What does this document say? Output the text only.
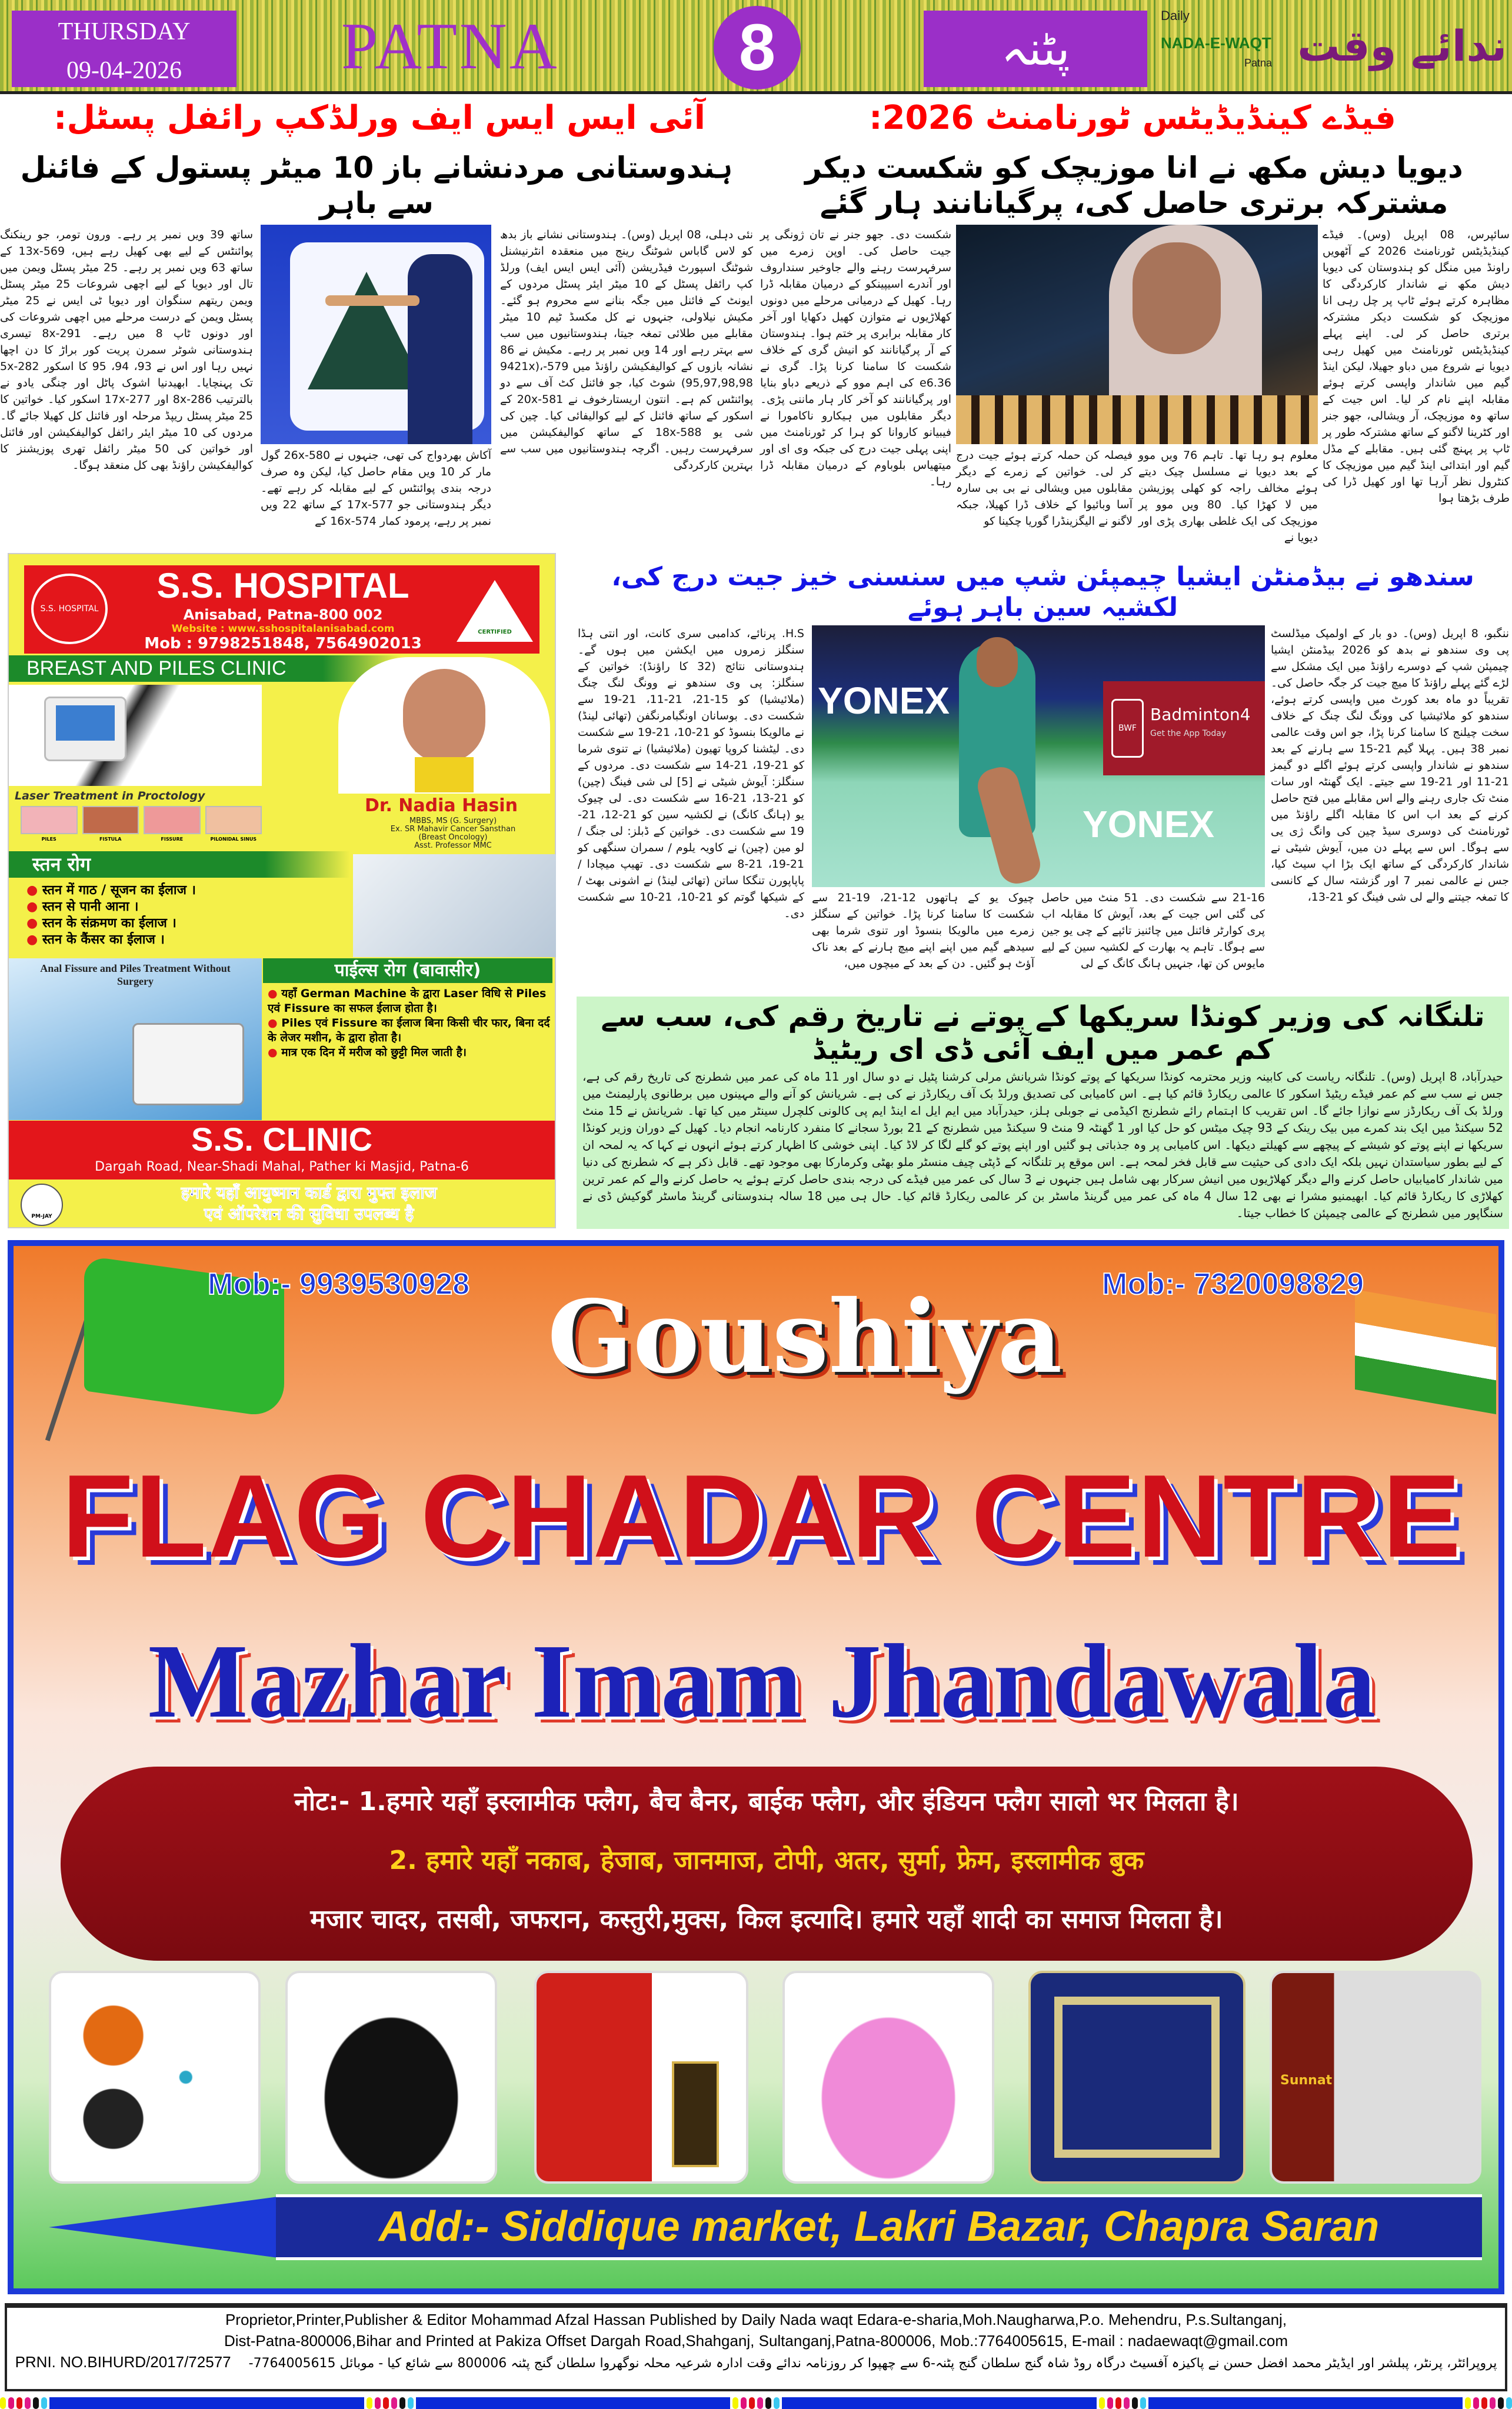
THURSDAY
09-04-2026	PATNA	8	پٹنہ
Daily
NADA-E-WAQT
Patna ندائے وقت
آئی ایس ایس ایف ورلڈکپ رائفل پسٹل:	فیڈے کینڈیڈیٹس ٹورنامنٹ 2026:
ہندوستانی مردنشانے باز 10 میٹر پستول کے فائنل سے باہر
نئی دہلی، 08 اپریل (وس)۔ ہندوستانی نشانے باز بدھ کو لاس گاباس شوٹنگ رینج میں منعقدہ انٹرنیشنل شوٹنگ اسپورٹ فیڈریشن (آئی ایس ایس ایف) ورلڈ کپ رائفل پسٹل کے 10 میٹر ایئر پسٹل مردوں کے ایونٹ کے فائنل میں جگہ بنانے سے محروم ہو گئے۔ مکیش نیلاولی، جنہوں نے کل مکسڈ ٹیم 10 میٹر مقابلے میں طلائی تمغہ جیتا، ہندوستانیوں میں سب سے بہتر رہے اور 14 ویں نمبر پر رہے۔ مکیش نے 86 نشانہ بازوں کے کوالیفکیشن راؤنڈ میں 579-9421x)، (95,97,98,98 شوٹ کیا، جو فائنل کٹ آف سے دو پوائنٹس کم ہے۔ انتون اریستارخوف نے 581-20x کے اسکور کے ساتھ فائنل کے لیے کوالیفائی کیا۔ چین کی شی یو 588-18x کے ساتھ کوالیفکیشن میں سرفہرست رہیں۔ اگرچہ ہندوستانیوں میں سب سے بہترین کارکردگی
آکاش بھردواج کی تھی، جنہوں نے 580-26x گول مار کر 10 ویں مقام حاصل کیا، لیکن وہ صرف درجہ بندی پوائنٹس کے لیے مقابلہ کر رہے تھے۔ دیگر ہندوستانی جو 577-17x کے ساتھ 22 ویں نمبر پر رہے، پرمود کمار 574-16x کے
ساتھ 39 ویں نمبر پر رہے۔ ورون تومر، جو رینکنگ پوائنٹس کے لیے بھی کھیل رہے ہیں، 569-13x کے ساتھ 63 ویں نمبر پر رہے۔ 25 میٹر پسٹل ویمن میں تال اور دیویا کے لیے اچھی شروعات 25 میٹر پسٹل ویمن ریتھم سنگوان اور دیویا ٹی ایس نے 25 میٹر پسٹل ویمن کے درست مرحلے میں اچھی شروعات کی اور دونوں ٹاپ 8 میں رہے۔ 291-8x تیسری ہندوستانی شوٹر سمرن پریت کور براڑ کا دن اچھا نہیں رہا اور اس نے 93، 94، 95 کا اسکور 282-5x تک پہنچایا۔ ابھیدنیا اشوک پاٹل اور چنگی یادو نے بالترتیب 286-8x اور 277-17x اسکور کیا۔ خواتین کا 25 میٹر پسٹل ریپڈ مرحلہ اور فائنل کل کھیلا جائے گا۔ مردوں کی 10 میٹر ایئر رائفل کوالیفکیشن اور فائنل اور خواتین کی 50 میٹر رائفل تھری پوزیشنز کا کوالیفکیشن راؤنڈ بھی کل منعقد ہوگا۔
دیویا دیش مکھ نے انا موزیچک کو شکست دیکر مشترکہ برتری حاصل کی، پرگیانانند ہار گئے
سائپرس، 08 اپریل (وس)۔ فیڈے کینڈیڈیٹس ٹورنامنٹ 2026 کے آٹھویں راونڈ میں منگل کو ہندوستان کی دیویا دیش مکھ نے شاندار کارکردگی کا مظاہرہ کرتے ہوئے ٹاپ پر چل رہی انا موزیچک کو شکست دیکر مشترکہ برتری حاصل کر لی۔ اپنے پہلے کینڈیڈیٹس ٹورنامنٹ میں کھیل رہی دیویا نے شروع میں دباو جھیلا، لیکن اینڈ گیم میں شاندار واپسی کرتے ہوئے مقابلہ اپنے نام کر لیا۔ اس جیت کے ساتھ وہ موزیچک، آر ویشالی، جھو جنر اور کٹرینا لاگنو کے ساتھ مشترکہ طور پر ٹاپ پر پہنچ گئی ہیں۔ مقابلے کے مڈل گیم اور ابتدائی اینڈ گیم میں موزیچک کا کنٹرول نظر آرہا تھا اور کھیل ڈرا کی طرف بڑھتا ہوا
معلوم ہو رہا تھا۔ تاہم 76 ویں موو کے بعد دیویا نے مسلسل چیک دیتے ہوئے مخالف راجہ کو کھلی پوزیشن میں لا کھڑا کیا۔ 80 ویں موو پر موزیچک کی ایک غلطی بھاری پڑی اور دیویا نے
فیصلہ کن حملہ کرتے ہوئے جیت درج کر لی۔ خواتین کے زمرے کے دیگر مقابلوں میں ویشالی نے بی بی سارہ آسا وبائیوا کے خلاف ڈرا کھیلا، جبکہ لاگنو نے الیگزینڈرا گوریا چکینا کو
شکست دی۔ جھو جنر نے تان ژونگی پر جیت حاصل کی۔ اوپن زمرے میں سرفہرست رہنے والے جاوخیر سنداروف اور آندرے اسیپینکو کے درمیان مقابلہ ڈرا رہا۔ کھیل کے درمیانی مرحلے میں دونوں کھلاڑیوں نے متوازن کھیل دکھایا اور آخر کار مقابلہ برابری پر ختم ہوا۔ ہندوستان کے آر پرگیانانند کو انیش گری کے خلاف شکست کا سامنا کرنا پڑا۔ گری نے e6.36 کی اہم موو کے ذریعے دباو بنایا اور پرگیانانند کو آخر کار ہار ماننی پڑی۔ دیگر مقابلوں میں ہیکارو ناکامورا نے فیبیانو کاروانا کو ہرا کر ٹورنامنٹ میں اپنی پہلی جیت درج کی جبکہ وی ای اور میتھیاس بلوباوم کے درمیان مقابلہ ڈرا رہا۔
S.S. HOSPITAL
S.S. HOSPITAL
Anisabad, Patna-800 002
Website : www.sshospitalanisabad.com
Mob : 9798251848, 7564902013
CERTIFIED
BREAST AND PILES CLINIC
Laser Treatment in Proctology
PILES	FISTULA	FISSURE	PILONIDAL SINUS
Dr. Nadia Hasin
MBBS, MS (G. Surgery)
Ex. SR Mahavir Cancer Sansthan
(Breast Oncology)
Asst. Professor MMC
स्तन रोग
● स्तन में गाठ / सूजन का ईलाज ।
● स्तन से पानी आना ।
● स्तन के संक्रमण का ईलाज ।
● स्तन के कैंसर का ईलाज ।
Anal Fissure and Piles Treatment Without Surgery
पाईल्स रोग (बावासीर)
● यहाँ German Machine के द्वारा Laser विधि से Piles एवं Fissure का सफल ईलाज होता है।
● Piles एवं Fissure का ईलाज बिना किसी चीर फार, बिना दर्द के लेजर मशीन, के द्वारा होता है।
● मात्र एक दिन में मरीज को छुट्टी मिल जाती है।
S.S. CLINIC
Dargah Road, Near-Shadi Mahal, Pather ki Masjid, Patna-6
PM-JAY
हमारे यहाँ आयुष्मान कार्ड द्वारा मुफ्त इलाज
एवं ऑपरेशन की सुविधा उपलब्ध है
سندھو نے بیڈمنٹن ایشیا چیمپئن شپ میں سنسنی خیز جیت درج کی، لکشیہ سین باہر ہوئے
ننگبو، 8 اپریل (وس)۔ دو بار کے اولمپک میڈلسٹ پی وی سندھو نے بدھ کو 2026 بیڈمنٹن ایشیا چیمپئن شپ کے دوسرے راؤنڈ میں ایک مشکل سے لڑے گئے پہلے راؤنڈ کا میچ جیت کر جگہ حاصل کی۔ تقریباً دو ماہ بعد کورٹ میں واپسی کرتے ہوئے، سندھو کو ملائیشیا کی وونگ لنگ چنگ کے خلاف سخت چیلنج کا سامنا کرنا پڑا، جو اس وقت عالمی نمبر 38 ہیں۔ پہلا گیم 21-15 سے ہارنے کے بعد سندھو نے شاندار واپسی کرتے ہوئے اگلے دو گیمز 21-11 اور 21-19 سے جیتے۔ ایک گھنٹہ اور سات منٹ تک جاری رہنے والے اس مقابلے میں فتح حاصل کرنے کے بعد اب اس کا مقابلہ اگلے راؤنڈ میں ٹورنامنٹ کی دوسری سیڈ چین کی وانگ ژی یی سے ہوگا۔ اس سے پہلے دن میں، آیوش شیٹی نے شاندار کارکردگی کے ساتھ ایک بڑا اپ سیٹ کیا، جس نے عالمی نمبر 7 اور گزشتہ سال کے کانسی کا تمغہ جیتنے والے لی شی فینگ کو 21-13،
YONEX
YONEX
BWF
Badminton4
Get the App Today
21-16 سے شکست دی۔ 51 منٹ میں حاصل کی گئی اس جیت کے بعد، آیوش کا مقابلہ اب پری کوارٹر فائنل میں چائنیز تائپے کے چی یو جین سے ہوگا۔ تاہم یہ بھارت کے لکشیہ سین کے لیے مایوس کن تھا، جنہیں ہانگ کانگ کے لی
چیوک یو کے ہاتھوں 12-21، 19-21 سے شکست کا سامنا کرنا پڑا۔ خواتین کے سنگلز زمرے میں مالویکا بنسوڈ اور تنوی شرما بھی سیدھے گیم میں اپنے اپنے میچ ہارنے کے بعد ناک آؤٹ ہو گئیں۔ دن کے بعد کے میچوں میں،
H.S. پرنائے، کدامبی سری کانت، اور انتی ہڈا سنگلز زمروں میں ایکشن میں ہوں گے۔ ہندوستانی نتائج (32 کا راؤنڈ): خواتین کے سنگلز: پی وی سندھو نے وونگ لنگ چنگ (ملائیشیا) کو 15-21، 21-11، 21-19 سے شکست دی۔ بوسانان اونگبامرنگفن (تھائی لینڈ) نے مالویکا بنسوڈ کو 21-10، 21-19 سے شکست دی۔ لیٹشنا کروپا تھیون (ملائیشیا) نے تنوی شرما کو 21-19، 21-14 سے شکست دی۔ مردوں کے سنگلز: آیوش شیٹی نے [5] لی شی فینگ (چین) کو 21-13، 21-16 سے شکست دی۔ لی چیوک یو (ہانگ کانگ) نے لکشیہ سین کو 21-12، 21-19 سے شکست دی۔ خواتین کے ڈبلز: لی جنگ / لو مین (چین) نے کاویہ یلوم / سمران سنگھی کو 21-19، 21-8 سے شکست دی۔ تھیپ میچادا / پاپاپورن تنگکا ساتن (تھائی لینڈ) نے اشونی بھٹ / کے شیکھا گوتم کو 21-10، 21-10 سے شکست دی۔
تلنگانہ کی وزیر کونڈا سریکھا کے پوتے نے تاریخ رقم کی، سب سے کم عمر میں ایف آئی ڈی ای ریٹیڈ
حیدرآباد، 8 اپریل (وس)۔ تلنگانہ ریاست کی کابینہ وزیر محترمہ کونڈا سریکھا کے پوتے کونڈا شریانش مرلی کرشنا پٹیل نے دو سال اور 11 ماہ کی عمر میں شطرنج کی تاریخ رقم کی ہے، جس نے سب سے کم عمر فیڈے ریٹیڈ اسکور کا عالمی ریکارڈ قائم کیا ہے۔ اس کامیابی کی تصدیق ورلڈ بک آف ریکارڈز نے کی ہے۔ شریانش کو آنے والے مہینوں میں برطانوی پارلیمنٹ میں ورلڈ بک آف ریکارڈز سے نوازا جائے گا۔ اس تقریب کا اہتمام رائے شطرنج اکیڈمی نے جوبلی ہلز، حیدرآباد میں ایم ایل اے اینڈ ایم پی کالونی کلچرل سینٹر میں کیا تھا۔ شریانش نے 15 منٹ 52 سیکنڈ میں ایک بند کمرے میں بیک رینک کے 93 چیک میٹس کو حل کیا اور 1 گھنٹہ 9 منٹ 9 سیکنڈ میں شطرنج کے 21 بورڈ سجانے کا منفرد کارنامہ انجام دیا۔ کھیل کے دوران وزیر کونڈا سریکھا نے اپنے پوتے کو شیشے کے پیچھے سے کھیلتے دیکھا۔ اس کامیابی پر وہ جذباتی ہو گئیں اور اپنے پوتے کو گلے لگا کر لاڈ کیا۔ اپنی خوشی کا اظہار کرتے ہوئے انہوں نے کہا کہ یہ لمحہ ان کے لیے بطور سیاستدان نہیں بلکہ ایک دادی کی حیثیت سے قابل فخر لمحہ ہے۔ اس موقع پر تلنگانہ کے ڈپٹی چیف منسٹر ملو بھٹی وکرمارکا بھی موجود تھے۔ قابل ذکر ہے کہ شطرنج کی دنیا میں شاندار کامیابیاں حاصل کرنے والے دیگر کھلاڑیوں میں انیش سرکار بھی شامل ہیں جنہوں نے 3 سال کی عمر میں فیڈے کی درجہ بندی حاصل کرتے ہوئے یہ حاصل کرنے والے کم عمر ترین کھلاڑی کا ریکارڈ قائم کیا۔ ابھیمنیو مشرا نے بھی 12 سال 4 ماہ کی عمر میں گرینڈ ماسٹر بن کر عالمی ریکارڈ قائم کیا۔ حال ہی میں 18 سالہ ہندوستانی گرینڈ ماسٹر گوکیش ڈی نے سنگاپور میں شطرنج کے عالمی چیمپئن کا خطاب جیتا۔
Mob:- 9939530928	Mob:- 7320098829
Goushiya
FLAG CHADAR CENTRE
Mazhar Imam Jhandawala
नोट:- 1.हमारे यहाँ इस्लामीक फ्लैग, बैच बैनर, बाईक फ्लैग, और इंडियन फ्लैग सालो भर मिलता है।
2. हमारे यहाँ नकाब, हेजाब, जानमाज, टोपी, अतर, सुर्मा, फ्रेम, इस्लामीक बुक
मजार चादर, तसबी, जफरान, कस्तुरी,मुक्स, किल इत्यादि। हमारे यहाँ शादी का समाज मिलता है।
Sunnat
Add:- Siddique market, Lakri Bazar, Chapra Saran
Proprietor,Printer,Publisher & Editor Mohammad Afzal Hassan Published by Daily Nada waqt Edara-e-sharia,Moh.Naugharwa,P.o. Mehendru, P.s.Sultanganj,
Dist-Patna-800006,Bihar and Printed at Pakiza Offset Dargah Road,Shahganj, Sultanganj,Patna-800006, Mob.:7764005615, E-mail : nadaewaqt@gmail.com
PRNI. NO.BIHURD/2017/72577 پروپرائٹر، پرنٹر، پبلشر اور ایڈیٹر محمد افضل حسن نے پاکیزہ آفسیٹ درگاہ روڈ شاہ گنج سلطان گنج پٹنہ-6 سے چھپوا کر روزنامہ ندائے وقت ادارہ شرعیہ محلہ نوگھروا سلطان گنج پٹنہ 800006 سے شائع کیا - موبائل 7764005615-
